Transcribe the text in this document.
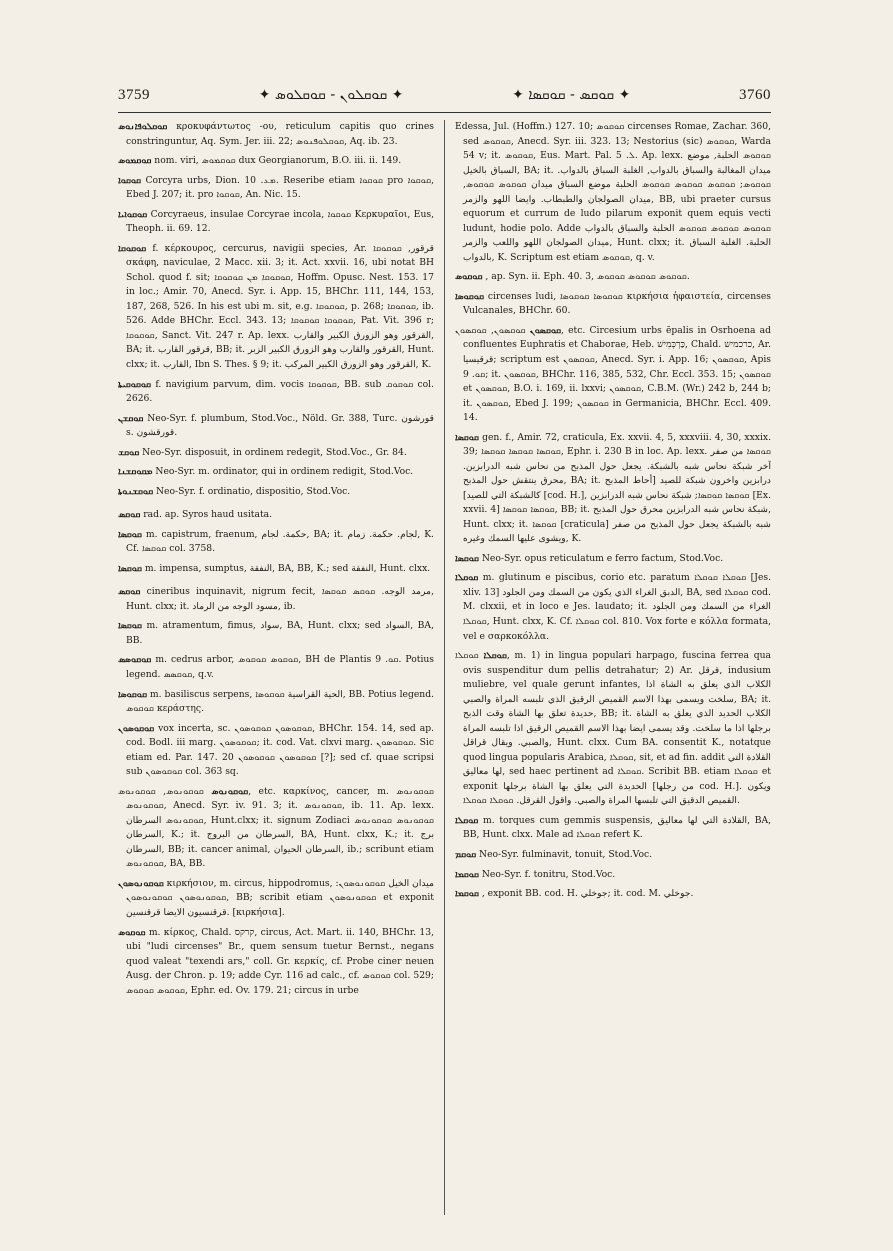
3759	✦ ܩܘܩܠܘܢ - ܩܘܩܠܘܣ ✦	✦ ܩܘܩܣ - ܩܘܩܣܐ ✦	3760

ܩܘܩܠܘܦܐܢܘܣ κροκυφάντωτος -ου, reticulum capitis quo crines constringuntur, Aq. Sym. Jer. iii. 22; ܩܘܩܠܘܦܢܘܣ, Aq. ib. 23.

ܩܘܩܡܘܣ nom. viri, ܩܘܩܡܘܣ dux Georgianorum, B.O. iii. ii. 149.

ܩܘܩܘܐ Corcyra urbs, Dion. ܡܥ. 10. Reseribe etiam ܩܘܩܘܐ pro ܩܘܩܘܐ, Ebed J. 207; it. pro ܩܘܩܘܐ, An. Nic. 15.

ܩܘܩܘܐܝܐ Corcyraeus, insulae Corcyrae incola, ܩܘܩܘܐ Κερκυραῖοι, Eus, Theoph. ii. 69. 12.

ܩܘܩܘܩܐ f. κέρκουρος, cercurus, navigii species, Ar. قرقور, ܩܘܩܘܩܐ σκάφη, naviculae, 2 Macc. xii. 3; it. Act. xxvii. 16, ubi notat BH Schol. quod f. sit; ܩܘܩܘܩܐ ܡܢ ܩܘܩܘܩܐ, Hoffm. Opusc. Nest. 153. 17 in loc.; Amir. 70, Anecd. Syr. i. App. 15, BHChr. 111, 144, 153, 187, 268, 526. In his est ubi m. sit, e.g. ܩܘܩܘܩܐ, p. 268; ܩܘܩܘܩܐ, ib. 526. Adde BHChr. Eccl. 343. 13; ܩܘܩܘܩܐ ܩܘܩܘܩܐ, Pat. Vit. 396 r; ܩܘܩܘܩܐ, Sanct. Vit. 247 r. Ap. lexx. القرقور وهو الزورق الكبير والقارب, BA; it. قرقور القارب, BB; it. القرقور والقارب وهو الزورق الكبير الزبر, Hunt. clxx; it. القارب, Ibn S. Thes. § 9; it. القرقور وهو الزورق الكبير المركب, K.

ܩܘܩܘܩܝܬܐ f. navigium parvum, dim. vocis ܩܘܩܘܩܐ, BB. sub ܩܘܩܘܩ col. 2626.

ܩܘܩܫܢ Neo-Syr. f. plumbum, Stod.Voc., Nöld. Gr. 388, Turc. قورشون s. قورقشون.

ܩܘܩܫ Neo-Syr. disposuit, in ordinem redegit, Stod.Voc., Gr. 84.

ܡܩܘܩܫܢܐ Neo-Syr. m. ordinator, qui in ordinem redigit, Stod.Voc.

ܩܘܩܫܢܘܬܐ Neo-Syr. f. ordinatio, dispositio, Stod.Voc.

ܩܘܩܣ rad. ap. Syros haud usitata.

ܩܘܩܣܐ m. capistrum, fraenum, حكمة. لجام, BA; it. لجام. حكمة. زمام, K. Cf. ܩܘܩܣܐ col. 3758.

ܩܘܩܣܐ m. impensa, sumptus, النفقة, BA, BB, K.; sed النفقة, Hunt. clxx.

ܩܘܩܣ cineribus inquinavit, nigrum fecit, مرمد الوجه. ܩܘܩܣ ܩܘܩܣܐ, Hunt. clxx; it. مسود الوجه من الرماد, ib.

ܩܘܩܣܐ m. atramentum, fimus, سواد, BA, Hunt. clxx; sed السواد, BA, BB.

ܩܘܩܘܣܣ m. cedrus arbor, ܩܘܩܘܣ ܩܘܩܘܣ, BH de Plantis ܩܘ. 9. Potius legend. ܩܘܩܣܣ, q.v.

ܩܘܩܘܣܐ m. basiliscus serpens, الحية القراسية ܩܘܩܘܣܐ, BB. Potius legend. ܩܘܩܘܣ κεράστης.

ܩܘܩܘܣܘܢ vox incerta, sc. ܩܘܩܘܣܘܢ ܩܘܩܘܣܘܢ, BHChr. 154. 14, sed ap. cod. Bodl. iii marg. ܩܘܩܘܣܘܢ; it. cod. Vat. clxvi marg. ܩܘܩܘܣܘܢ. Sic etiam ed. Par. 147. 20 ܩܘܩܘܣܘܢ ܩܘܩܘܣܘܢ [?]; sed cf. quae scripsi sub ܩܘܩܘܣܘܢ col. 363 sq.

ܩܘܩܘܢܘܣ ܩܘܩܘܢܘܣ, ܩܘܩܘܢܘܣ, etc. καρκίνος, cancer, m. ܩܘܩܘܢܘܣ ܩܘܩܘܢܘܣ, Anecd. Syr. iv. 91. 3; it. ܩܘܩܘܢܘܣ, ib. 11. Ap. lexx. ܩܘܩܘܢܘܣ السرطان, Hunt.clxx; it. signum Zodiaci ܩܘܩܘܢܘܣ ܩܘܩܘܢܘܣ السرطان, K.; it. السرطان من البروج, BA, Hunt. clxx, K.; it. برج السرطان, BB; it. cancer animal, السرطان الحيوان, ib.; scribunt etiam ܩܘܩܘܢܘܣ, BA, BB.

ܩܘܩܘܢܘܣܘܢ κιρκήσιον, m. circus, hippodromus, ميدان الخيل ܩܘܩܘܢܘܣܘܢ: ܩܘܩܘܢܘܣܘܢ ܩܘܩܘܢܘܣܘܢ, BB; scribit etiam ܩܘܩܘܢܘܣܘܢ et exponit قرقنسيون الايضا قرقنسين. [κιρκήσια].

ܩܘܩܘܣ m. κίρκος, Chald. קרקס, circus, Act. Mart. ii. 140, BHChr. 13, ubi "ludi circenses" Br., quem sensum tuetur Bernst., negans quod valeat "texendi ars," coll. Gr. κερκίς, cf. Probe ciner neuen Ausg. der Chron. p. 19; adde Cyr. 116 ad calc., cf. ܩܘܩܘܣ col. 529; ܩܘܩܘܣ ܩܘܩܘܣ, Ephr. ed. Ov. 179. 21; circus in urbe

Edessa, Jul. (Hoffm.) 127. 10; ܩܘܩܘܣ circenses Romae, Zachar. 360, sed ܩܘܩܘܣ, Anecd. Syr. iii. 323. 13; Nestorius (sic) ܩܘܩܘܣ, Warda 54 v; it. ܩܘܩܘܣ, Eus. Mart. Pal. ܠ. 5. Ap. lexx. ܩܘܩܘܣ الحلبة, موضع السباق بالخيل, BA; it. ميدان المغالبة والسباق بالدواب, الغلبة السباق بالدواب. ܩܘܩܘܣ; ܩܘܩܘܣ ܩܘܩܘܣ ܩܘܩܘܣ الحلبة موضع السباق ميدان ܩܘܩܘܣ ܩܘܩܘܣ, ميدان الصولجان والطبطاب. وايضا اللهو والزمر, BB, ubi praeter cursus equorum et currum de ludo pilarum exponit quem equis vecti ludunt, hodie polo. Adde ܩܘܩܘܣ ܩܘܩܘܣ ܩܘܩܘܣ الحلبة والسباق بالدواب ميدان الصولجان اللهو واللعب والزمر, Hunt. clxx; it. الحلبة. الغلبة السباق بالدواب, K. Scriptum est etiam ܩܘܩܘܣ, q. v.

ܩܘܩܘܣ , ap. Syn. ii. Eph. 40. 3, ܩܘܩܘܣ ܩܘܩܘܣ ܩܘܩܘܣ.

ܩܘܩܘܣܐ circenses ludi, ܩܘܩܘܣܐ ܩܘܩܘܣܐ κιρκήσια ἡφαιστεία, circenses Vulcanales, BHChr. 60.

ܩܘܩܣܘܢ ܩܘܩܣܘܢ, ܩܘܩܣܘܢ, etc. Circesium urbs ēpalis in Osrhoena ad confluentes Euphratis et Chaborae, Heb. כַּרְכְּמִישׁ, Chald. כרכמיש, Ar. قرقيسيا; scriptum est ܩܘܩܣܘܢ, Anecd. Syr. i. App. 16; ܩܘܩܣܘܢ, Apis ܩܘ. 9; it. ܩܘܩܣܘܢ, BHChr. 116, 385, 532, Chr. Eccl. 353. 15; ܩܘܩܣܘܢ et ܩܘܩܣܘܢ, B.O. i. 169, ii. lxxvi; ܩܘܩܣܘܢ, C.B.M. (Wr.) 242 b, 244 b; it. ܩܘܩܣܘܢ, Ebed J. 199; ܩܘܩܣܘܢ in Germanicia, BHChr. Eccl. 409. 14.

ܩܘܩܣܐ gen. f., Amir. 72, craticula, Ex. xxvii. 4, 5, xxxviii. 4, 30, xxxix. 39; ܩܘܩܣܐ ܩܘܩܣܐ ܩܘܩܣܐ, Ephr. i. 230 B in loc. Ap. lexx. ܩܘܩܣܐ من صفر آخر شبكة نحاس شبه بالشبكة. يجعل حول المذبح من نحاس شبه الدرابزين. محرق ينتقش حول المذبح, BA; it. درابزين واخرون شبكة للصيد [أحاط المذبح كالشبكة التي للصيد] [cod. H.], ܩܘܩܣܐ ܩܘܩܣܐ; شبكة نحاس شبه الدرابزين [Ex. xxvii. 4] ܩܘܩܣܐ ܩܘܩܣܐ, BB; it. شبكة نحاس شبه الدرابزين محرق حول المذبح, Hunt. clxx; it. ܩܘܩܣܐ [craticula] شبه بالشبكة يجعل حول المذبح من صفر ويشوى عليها السمك وغيره, K.

ܩܘܩܣܐ Neo-Syr. opus reticulatum e ferro factum, Stod.Voc.

ܩܘܩܠܐ m. glutinum e piscibus, corio etc. paratum ܩܘܩܠܐ ܩܘܩܠܐ [Jes. xliv. 13] الدبق الغراء الذي يكون من السمك ومن الجلود, BA, sed ܩܘܩܠܐ cod. M. clxxii, et in loco e Jes. laudato; it. الغراء من السمك ومن الجلود ܩܘܩܠܐ, Hunt. clxx, K. Cf. ܩܘܩܠܐ col. 810. Vox forte e κόλλα formata, vel e σαρκοκόλλα.

ܩܘܩܠܐ ܩܘܩܠܐ, m. 1) in lingua populari harpago, fuscina ferrea qua ovis suspenditur dum pellis detrahatur; 2) Ar. قرقل, indusium muliebre, vel quale gerunt infantes, الكلاب الذي يعلق به الشاة اذا سلخت ويسمى بهذا الاسم القميص الرقيق الذي تلبسه المراة والصبي, BA; it. حديدة تعلق بها الشاة وقت الذبح, BB; it. الكلاب الحديد الذي يعلق به الشاة برجلها اذا ما سلخت. وقد يسمى ايضا بهذا الاسم القميص الرقيق اذا تلبسه المراة والصبي. ويقال قراقل, Hunt. clxx. Cum BA. consentit K., notatque quod lingua popularis Arabica, ܩܘܩܠܐ, sit, et ad fin. addit القلادة التي لها معاليق, sed haec pertinent ad ܩܘܩܠܐ. Scribit BB. etiam ܩܘܩܠܐ et exponit الحديدة التي يعلق بها الشاة برجلها [من رجلها cod. H.]. ويكون القميص الدقيق التي تلبسها المراة والصبي. واقول القرقل. ܩܘܩܠܐ ܩܘܩܠܐ.

ܩܘܩܠܐ m. torques cum gemmis suspensis, القلادة التي لها معاليق, BA, BB, Hunt. clxx. Male ad ܩܘܩܠܐ refert K.

ܩܘܩܡ Neo-Syr. fulminavit, tonuit, Stod.Voc.

ܩܘܩܡܐ Neo-Syr. f. tonitru, Stod.Voc.

ܩܘܩܡܐ , exponit BB. cod. H. جوخلي; it. cod. M. جوخلي.
